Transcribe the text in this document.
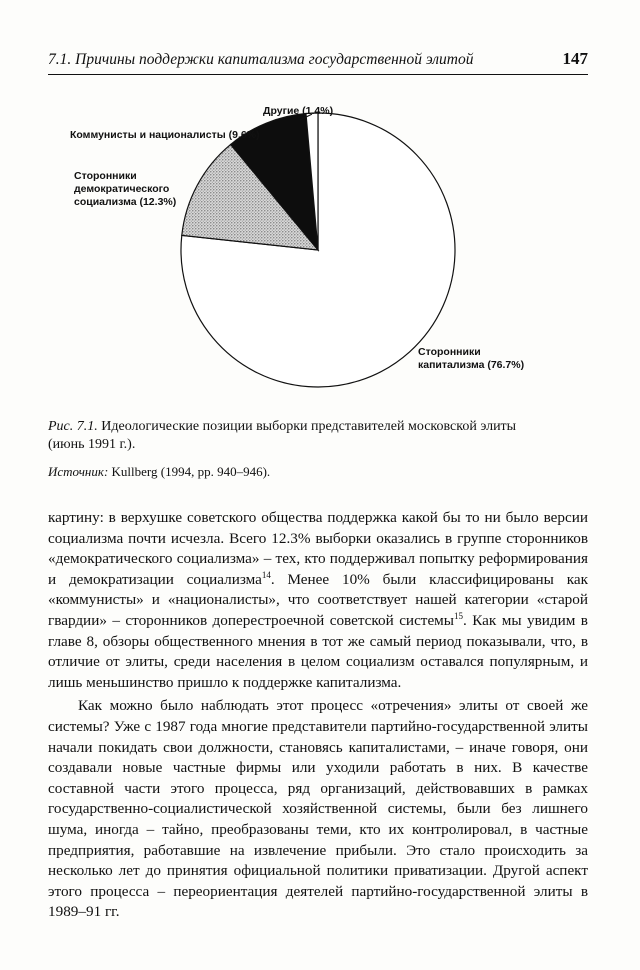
7.1. Причины поддержки капитализма государственной элитой	147
Другие (1.4%)
Коммунисты и националисты (9.6%)
Сторонники демократического социализма (12.3%)
Сторонники капитализма (76.7%)
Рис. 7.1. Идеологические позиции выборки представителей московской элиты (июнь 1991 г.).
Источник: Kullberg (1994, pp. 940–946).

картину: в верхушке советского общества поддержка какой бы то ни было версии социализма почти исчезла. Всего 12.3% выборки оказались в группе сторонников «демократического социализма» – тех, кто поддерживал попытку реформирования и демократизации социализма$^{14}$. Менее 10% были классифицированы как «коммунисты» и «националисты», что соответствует нашей категории «старой гвардии» – сторонников доперестроечной советской системы$^{15}$. Как мы увидим в главе 8, обзоры общественного мнения в тот же самый период показывали, что, в отличие от элиты, среди населения в целом социализм оставался популярным, и лишь меньшинство пришло к поддержке капитализма.

Как можно было наблюдать этот процесс «отречения» элиты от своей же системы? Уже с 1987 года многие представители партийно-государственной элиты начали покидать свои должности, становясь капиталистами, – иначе говоря, они создавали новые частные фирмы или уходили работать в них. В качестве составной части этого процесса, ряд организаций, действовавших в рамках государственно-социалистической хозяйственной системы, были без лишнего шума, иногда – тайно, преобразованы теми, кто их контролировал, в частные предприятия, работавшие на извлечение прибыли. Это стало происходить за несколько лет до принятия официальной политики приватизации. Другой аспект этого процесса – переориентация деятелей партийно-государственной элиты в 1989–91 гг.
